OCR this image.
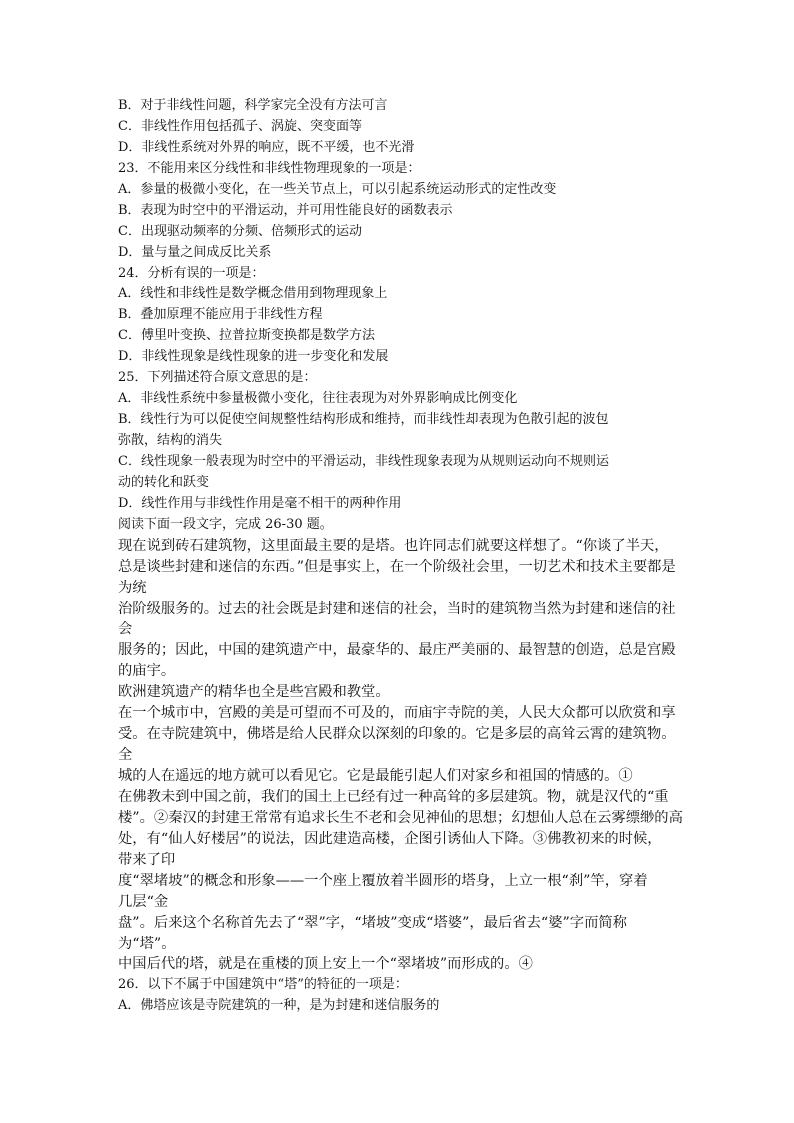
B．对于非线性问题，科学家完全没有方法可言
C．非线性作用包括孤子、涡旋、突变面等
D．非线性系统对外界的响应，既不平缓，也不光滑
23．不能用来区分线性和非线性物理现象的一项是：
A．参量的极微小变化，在一些关节点上，可以引起系统运动形式的定性改变
B．表现为时空中的平滑运动，并可用性能良好的函数表示
C．出现驱动频率的分频、倍频形式的运动
D．量与量之间成反比关系
24．分析有误的一项是：
A．线性和非线性是数学概念借用到物理现象上
B．叠加原理不能应用于非线性方程
C．傅里叶变换、拉普拉斯变换都是数学方法
D．非线性现象是线性现象的进一步变化和发展
25．下列描述符合原文意思的是：
A．非线性系统中参量极微小变化，往往表现为对外界影响成比例变化
B．线性行为可以促使空间规整性结构形成和维持，而非线性却表现为色散引起的波包
弥散，结构的消失
C．线性现象一般表现为时空中的平滑运动，非线性现象表现为从规则运动向不规则运
动的转化和跃变
D．线性作用与非线性作用是毫不相干的两种作用
阅读下面一段文字，完成 26-30 题。
现在说到砖石建筑物，这里面最主要的是塔。也许同志们就要这样想了。“你谈了半天，
总是谈些封建和迷信的东西。”但是事实上，在一个阶级社会里，一切艺术和技术主要都是
为统
治阶级服务的。过去的社会既是封建和迷信的社会，当时的建筑物当然为封建和迷信的社
会
服务的；因此，中国的建筑遗产中，最豪华的、最庄严美丽的、最智慧的创造，总是宫殿
的庙宇。
欧洲建筑遗产的精华也全是些宫殿和教堂。
在一个城市中，宫殿的美是可望而不可及的，而庙宇寺院的美，人民大众都可以欣赏和享
受。在寺院建筑中，佛塔是给人民群众以深刻的印象的。它是多层的高耸云霄的建筑物。
全
城的人在遥远的地方就可以看见它。它是最能引起人们对家乡和祖国的情感的。①
在佛教未到中国之前，我们的国土上已经有过一种高耸的多层建筑。物，就是汉代的“重
楼”。②秦汉的封建王常常有追求长生不老和会见神仙的思想；幻想仙人总在云雾缥缈的高
处，有“仙人好楼居”的说法，因此建造高楼，企图引诱仙人下降。③佛教初来的时候，
带来了印
度“翠堵坡”的概念和形象——一个座上覆放着半圆形的塔身，上立一根“刹”竿，穿着
几层“金
盘”。后来这个名称首先去了“翠”字，“堵坡”变成“塔婆”，最后省去“婆”字而简称
为“塔”。
中国后代的塔，就是在重楼的顶上安上一个“翠堵坡”而形成的。④
26．以下不属于中国建筑中“塔”的特征的一项是：
A．佛塔应该是寺院建筑的一种，是为封建和迷信服务的
